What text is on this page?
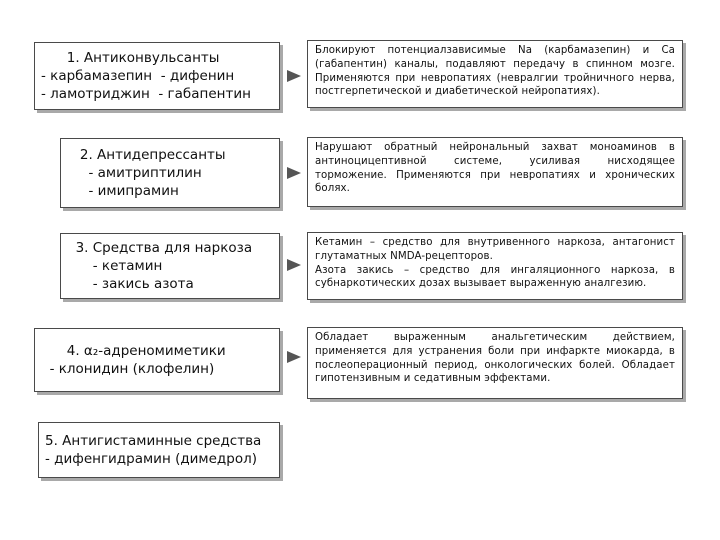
1. Антиконвульсанты
- карбамазепин  - дифенин
- ламотриджин  - габапентин

Блокируют потенциалзависимые Na (карбамазепин) и Ca (габапентин) каналы, подавляют передачу в спинном мозге. Применяются при невропатиях (невралгии тройничного нерва, постгерпетической и диабетической нейропатиях).

2. Антидепрессанты
- амитриптилин
- имипрамин

Нарушают обратный нейрональный захват моноаминов в антиноцицептивной системе, усиливая нисходящее торможение. Применяются при невропатиях и хронических болях.

3. Средства для наркоза
- кетамин
- закись азота

Кетамин – средство для внутривенного наркоза, антагонист глутаматных NMDA-рецепторов.

Азота закись – средство для ингаляционного наркоза, в субнаркотических дозах вызывает выраженную аналгезию.

4. α₂-адреномиметики
- клонидин (клофелин)

Обладает выраженным анальгетическим действием, применяется для устранения боли при инфаркте миокарда, в послеоперационный период, онкологических болей. Обладает гипотензивным и седативным эффектами.

5. Антигистаминные средства
- дифенгидрамин (димедрол)
